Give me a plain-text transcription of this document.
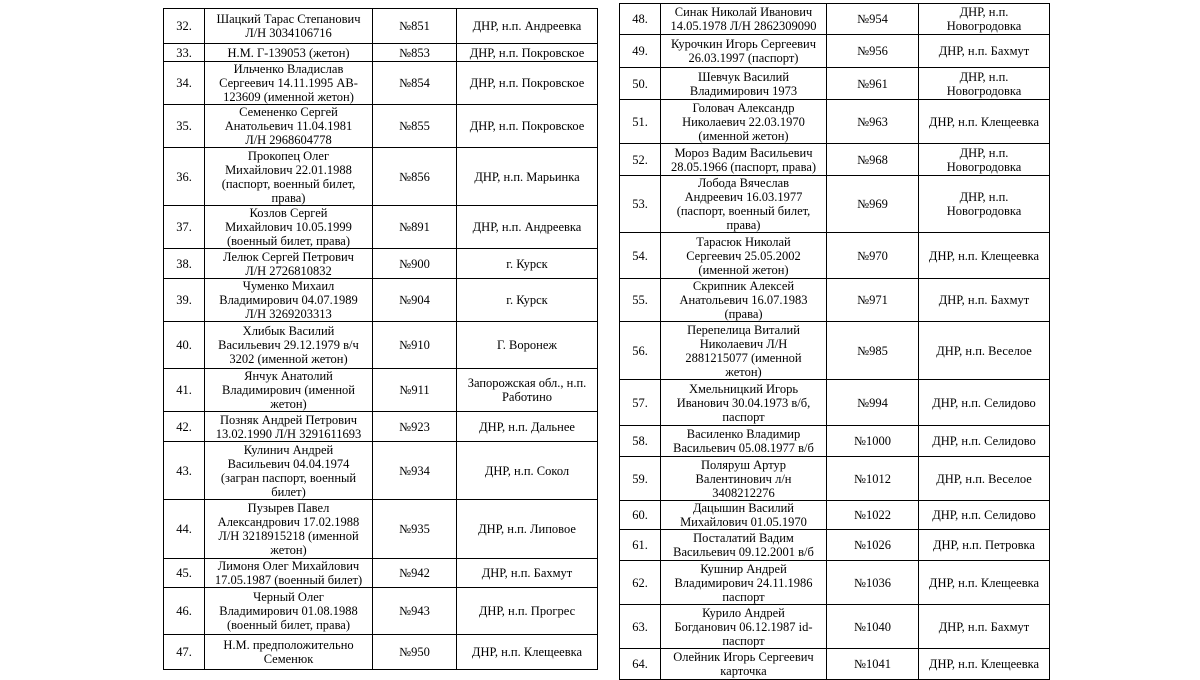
32.	Шацкий Тарас Степанович
Л/Н 3034106716	№851	ДНР, н.п. Андреевка
33.	Н.М. Г-139053 (жетон)	№853	ДНР, н.п. Покровское
34.	Ильченко Владислав
Сергеевич 14.11.1995 АВ-
123609 (именной жетон)	№854	ДНР, н.п. Покровское
35.	Семененко Сергей
Анатольевич 11.04.1981
Л/Н 2968604778	№855	ДНР, н.п. Покровское
36.	Прокопец Олег
Михайлович 22.01.1988
(паспорт, военный билет,
права)	№856	ДНР, н.п. Марьинка
37.	Козлов Сергей
Михайлович 10.05.1999
(военный билет, права)	№891	ДНР, н.п. Андреевка
38.	Лелюк Сергей Петрович
Л/Н 2726810832	№900	г. Курск
39.	Чуменко Михаил
Владимирович 04.07.1989
Л/Н 3269203313	№904	г. Курск
40.	Хлибык Василий
Васильевич 29.12.1979 в/ч
3202 (именной жетон)	№910	Г. Воронеж
41.	Янчук Анатолий
Владимирович (именной
жетон)	№911	Запорожская обл., н.п.
Работино
42.	Позняк Андрей Петрович
13.02.1990 Л/Н 3291611693	№923	ДНР, н.п. Дальнее
43.	Кулинич Андрей
Васильевич 04.04.1974
(загран паспорт, военный
билет)	№934	ДНР, н.п. Сокол
44.	Пузырев Павел
Александрович 17.02.1988
Л/Н 3218915218 (именной
жетон)	№935	ДНР, н.п. Липовое
45.	Лимоня Олег Михайлович
17.05.1987 (военный билет)	№942	ДНР, н.п. Бахмут
46.	Черный Олег
Владимирович 01.08.1988
(военный билет, права)	№943	ДНР, н.п. Прогрес
47.	Н.М. предположительно
Семенюк	№950	ДНР, н.п. Клещеевка
48.	Синак Николай Иванович
14.05.1978 Л/Н 2862309090	№954	ДНР, н.п.
Новогродовка
49.	Курочкин Игорь Сергеевич
26.03.1997 (паспорт)	№956	ДНР, н.п. Бахмут
50.	Шевчук Василий
Владимирович 1973	№961	ДНР, н.п.
Новогродовка
51.	Головач Александр
Николаевич 22.03.1970
(именной жетон)	№963	ДНР, н.п. Клещеевка
52.	Мороз Вадим Васильевич
28.05.1966 (паспорт, права)	№968	ДНР, н.п.
Новогродовка
53.	Лобода Вячеслав
Андреевич 16.03.1977
(паспорт, военный билет,
права)	№969	ДНР, н.п.
Новогродовка
54.	Тарасюк Николай
Сергеевич 25.05.2002
(именной жетон)	№970	ДНР, н.п. Клещеевка
55.	Скрипник Алексей
Анатольевич 16.07.1983
(права)	№971	ДНР, н.п. Бахмут
56.	Перепелица Виталий
Николаевич Л/Н
2881215077 (именной
жетон)	№985	ДНР, н.п. Веселое
57.	Хмельницкий Игорь
Иванович 30.04.1973 в/б,
паспорт	№994	ДНР, н.п. Селидово
58.	Василенко Владимир
Васильевич 05.08.1977 в/б	№1000	ДНР, н.п. Селидово
59.	Поляруш Артур
Валентинович л/н
3408212276	№1012	ДНР, н.п. Веселое
60.	Дацышин Василий
Михайлович 01.05.1970	№1022	ДНР, н.п. Селидово
61.	Посталатий Вадим
Васильевич 09.12.2001 в/б	№1026	ДНР, н.п. Петровка
62.	Кушнир Андрей
Владимирович 24.11.1986
паспорт	№1036	ДНР, н.п. Клещеевка
63.	Курило Андрей
Богданович 06.12.1987 id-
паспорт	№1040	ДНР, н.п. Бахмут
64.	Олейник Игорь Сергеевич
карточка	№1041	ДНР, н.п. Клещеевка
